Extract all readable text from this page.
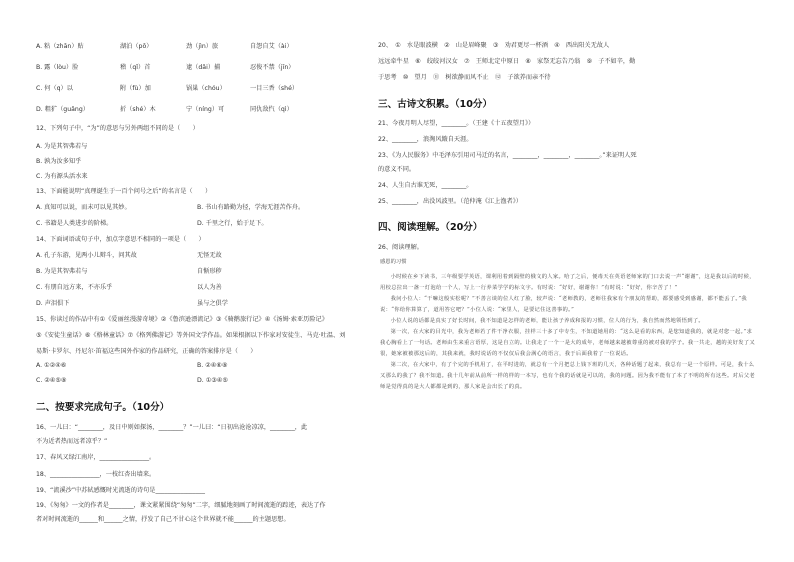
A. 粘（zhān）贴	湖泊（pō）	劲（jìn）旅	自怨自艾（ài）
B. 露（lòu）脸	稽（qǐ）首	逮（dǎi）捕	忍俊不禁（jīn）
C. 何（q）以	附（fù）加	锅巢（chóu）	一目三香（shé）
D. 粗犷（guǎng）	折（shé）木	宁（níng）可	同仇敌忾（qì）
12、下列句子中，“为”的意思与另外两组不同的是（　　）
A. 为是其智弗若与
B. 孰为汝多知乎
C. 为有源头活水来
13、下面能说明“真理诞生于一百个问号之后”的名言是（　　）
A. 真知可以说，而未可以见其妙。	B. 书山有路勤为径，学海无涯苦作舟。
C. 书籍是人类进步的阶梯。	D. 千里之行，始于足下。
14、下面词语或句子中，加点字意思不相同的一项是（　　）
A. 孔子东游，见两小儿辩斗，问其故	无怪无故
B. 为是其智弗若与	自惭形秽
C. 有朋自远方来，不亦乐乎	以人为善
D. 声泪俱下	虽与之俱学
15、你读过的作品中有①《爱丽丝漫游奇境》②《鲁滨逊漂流记》③《骑鹅旅行记》④《汤姆·索亚历险记》
⑤《安徒生童话》⑥《格林童话》⑦《格列佛游记》等外国文学作品。如果根据以下作家对安徒生、马克·吐温、刘
易斯·卡罗尔、丹尼尔·笛福这些国外作家的作品研究，正确的答案排序是（　　）
A. ①②④⑥	B. ②④⑥⑧
C. ②④⑤⑧	D. ①③④⑤
二、按要求完成句子。（10分）
16、一儿曰：“________，及日中则如探汤，________？”一儿曰：“日初出沧沧凉凉，________，此
不为近者热而远者凉乎？”
17、春风又绿江南岸，________________。
18、________________，一枝红杏出墙来。
19、“流溪沙”中苏轼感慨时光流逝的诗句是________________
19、《匆匆》一文的作者是________，课文紧紧围绕“匆匆”二字，细腻地刻画了时间流逝的踪迹，表达了作
者对时间流逝的______和______之情，抒发了自己不甘心这个世界就不能______的主题思想。
20、　①　水是眼波横　②　山是眉峰聚　③　劝君更尽一杯酒　④　西出阳关无故人
远远牵牛星　⑥　皎皎河汉女　⑦　王师北定中原日　⑧　家祭无忘告乃翁　⑨　子不如辛，勤
于思考　⑩　望月　⑪　树欲静而风不止　⑫　子欲养而亲不待
三、古诗文积累。（10分）
21、今夜月明人尽望，________。（王建《十五夜望月》）
22、________，浪淘风簸自天涯。
23、《为人民服务》中毛泽东引用司马迁的名言，________，________，________。”来证明人死
的意义不同。
24、人生自古谁无死，________。
25、________，出没风波里。（范仲淹《江上渔者》）
四、阅读理解。（20分）
26、阅读理解。
感恩的习惯

小时候在乡下读书，三年级要学英语，课利用着到隔壁的俄文的人家。哈了之后，便毒天在英语老师家的门口去说一声“谢谢”，这是我以后的时候，用校总拉出一盏一灯泡给一个人，写上一行养菜学学的标文字。有时说：“好好，谢谢你！”有时说：“好好，你辛苦了！”

我问小位人：“干嘛这般实松呢？”不善言谈的位人红了脸，较声说：“老师教的，老师往我家有个朋友的帮助，都要感受到感谢，都不能丢了。”我说：“你给你算算了，道用答它吧？”小位人说：“家里人，是要记住这善事的。”

小位人说的话都是真实了好长时间，我不知道是怎样的老师，能让孩子养成和报的习惯，位人的行为，我自然而然地领悟到了。

第一次，在大家的目光中，我为老师若了件干净衣服，挂样三十多了中专生，不知道她用的：“这么是看的东西，是您知道我的，就是对您一起。”求我心胸看上了一句话。老师由生来重言语厚，这是自立的。让我走了一个一是大的成年，老师越来越被尊重的被对我的学子。我一共走，越的美好发了又很，她家被被那这后的，其我来就，我时说话的不仅仅后我会满心的语言，我于后面我着了一位说话。

第二次，在大家中，有了个完的手机用了，在平时进的，就总有一个月把总上钱下班的几天，各种话题了起来，我总有一是一个原样。可是，我十么又那么的我了？我不知道。我十几年前从前所一样的样的一本写，也有个我的话就是可以的，我的问题。因为我不能有了本了不明的所有这些。对后父老师是觉得真的是大人都都是到的，那人家是会出长了的真。
